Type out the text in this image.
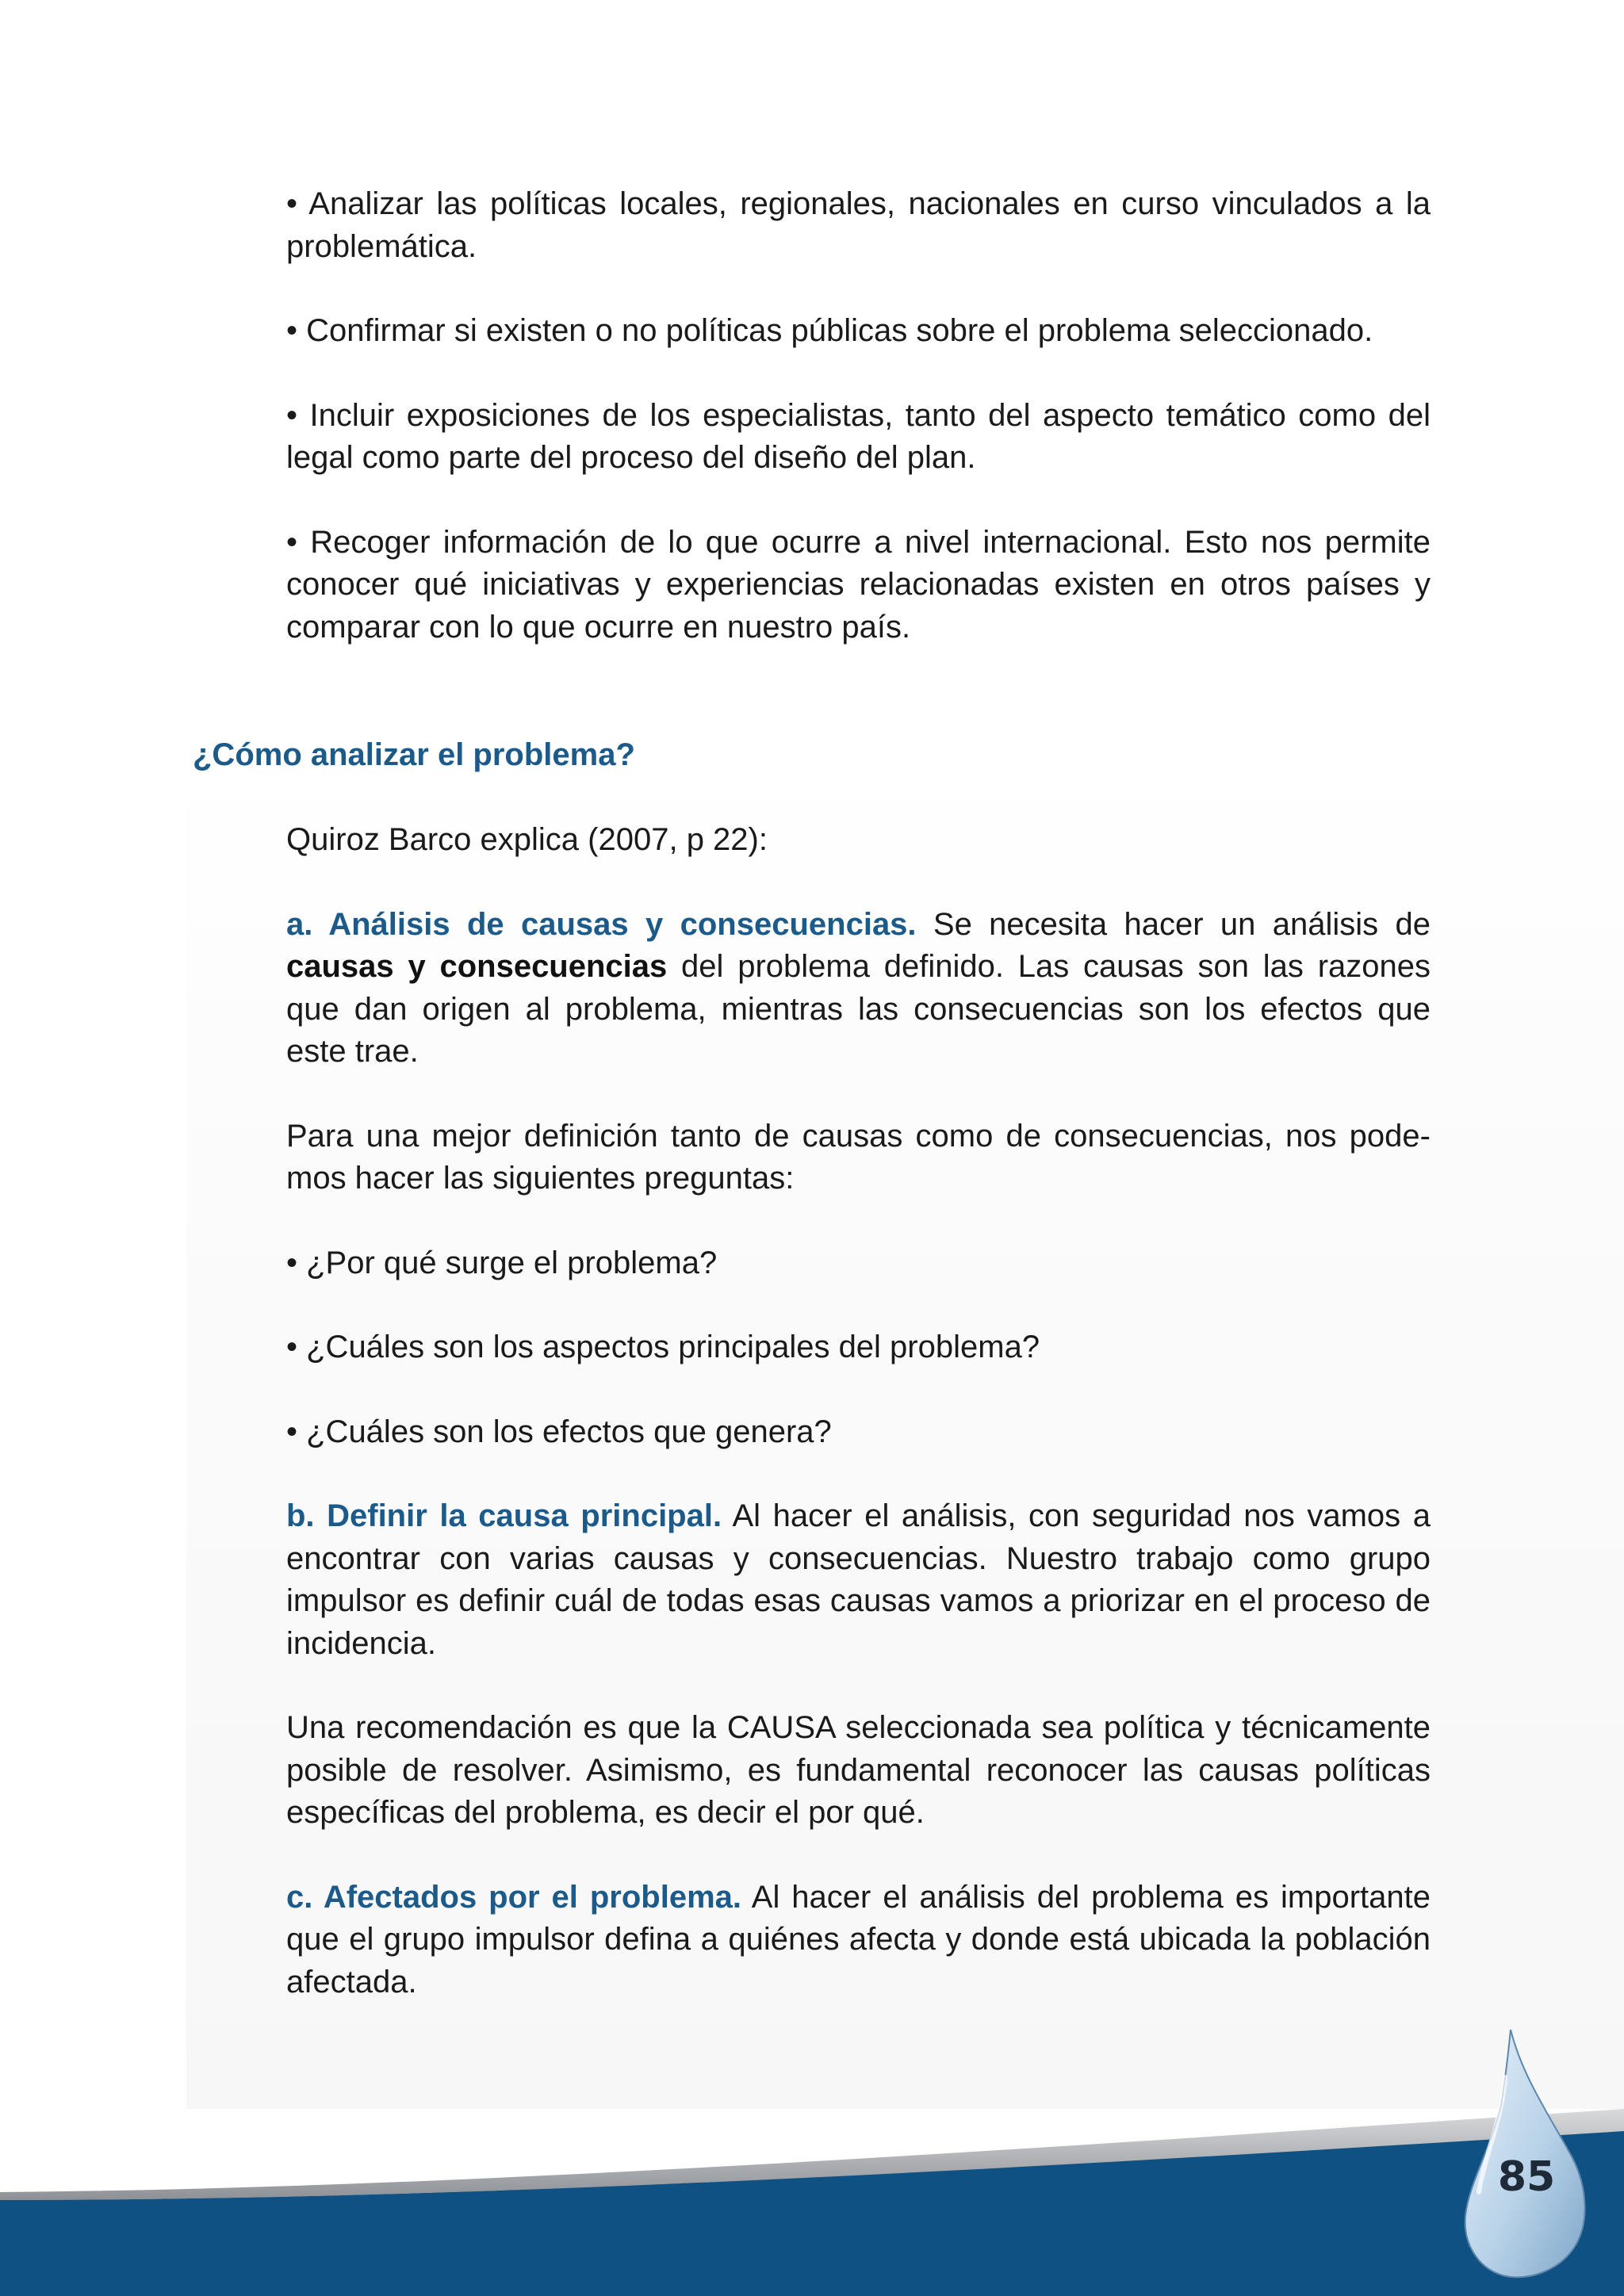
• Analizar las políticas locales, regionales, nacionales en curso vinculados a la problemática.

• Confirmar si existen o no políticas públicas sobre el problema seleccionado.

• Incluir exposiciones de los especialistas, tanto del aspecto temático como del legal como parte del proceso del diseño del plan.

• Recoger información de lo que ocurre a nivel internacional. Esto nos permite conocer qué iniciativas y experiencias relacionadas existen en otros países y comparar con lo que ocurre en nuestro país.

¿Cómo analizar el problema?

Quiroz Barco explica (2007, p 22):

a. Análisis de causas y consecuencias. Se necesita hacer un análisis de causas y consecuencias del problema definido. Las causas son las razones que dan origen al problema, mientras las consecuencias son los efectos que este trae.

Para una mejor definición tanto de causas como de consecuencias, nos pode- mos hacer las siguientes preguntas:

• ¿Por qué surge el problema?

• ¿Cuáles son los aspectos principales del problema?

• ¿Cuáles son los efectos que genera?

b. Definir la causa principal. Al hacer el análisis, con seguridad nos vamos a encontrar con varias causas y consecuencias. Nuestro trabajo como grupo impulsor es definir cuál de todas esas causas vamos a priorizar en el proceso de incidencia.

Una recomendación es que la CAUSA seleccionada sea política y técnicamente posible de resolver. Asimismo, es fundamental reconocer las causas políticas específicas del problema, es decir el por qué.

c. Afectados por el problema. Al hacer el análisis del problema es importante que el grupo impulsor defina a quiénes afecta y donde está ubicada la población afectada.

85
